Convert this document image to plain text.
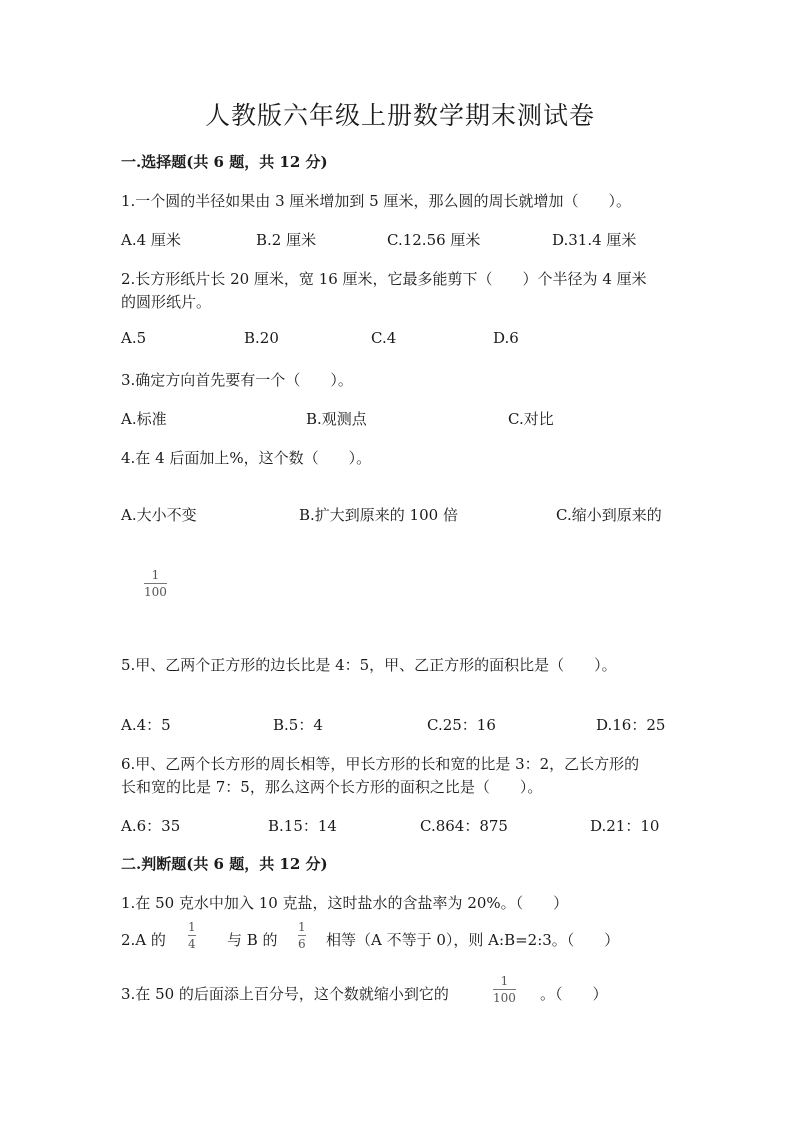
人教版六年级上册数学期末测试卷
一.选择题(共 6 题，共 12 分)
1.一个圆的半径如果由 3 厘米增加到 5 厘米，那么圆的周长就增加（　　）。
A.4 厘米	B.2 厘米	C.12.56 厘米	D.31.4 厘米
2.长方形纸片长 20 厘米，宽 16 厘米，它最多能剪下（　　）个半径为 4 厘米
的圆形纸片。
A.5	B.20	C.4	D.6
3.确定方向首先要有一个（　　）。
A.标准	B.观测点	C.对比
4.在 4 后面加上%，这个数（　　）。
A.大小不变	B.扩大到原来的 100 倍	C.缩小到原来的
1
100
5.甲、乙两个正方形的边长比是 4：5，甲、乙正方形的面积比是（　　）。
A.4：5	B.5：4	C.25：16	D.16：25
6.甲、乙两个长方形的周长相等，甲长方形的长和宽的比是 3：2，乙长方形的
长和宽的比是 7：5，那么这两个长方形的面积之比是（　　）。
A.6：35	B.15：14	C.864：875	D.21：10
二.判断题(共 6 题，共 12 分)
1.在 50 克水中加入 10 克盐，这时盐水的含盐率为 20%。（　　）
2.A 的
1
4 与 B 的
1
6 相等（A 不等于 0），则 A:B=2:3。（　　）
3.在 50 的后面添上百分号，这个数就缩小到它的
1
100 。（　　）
